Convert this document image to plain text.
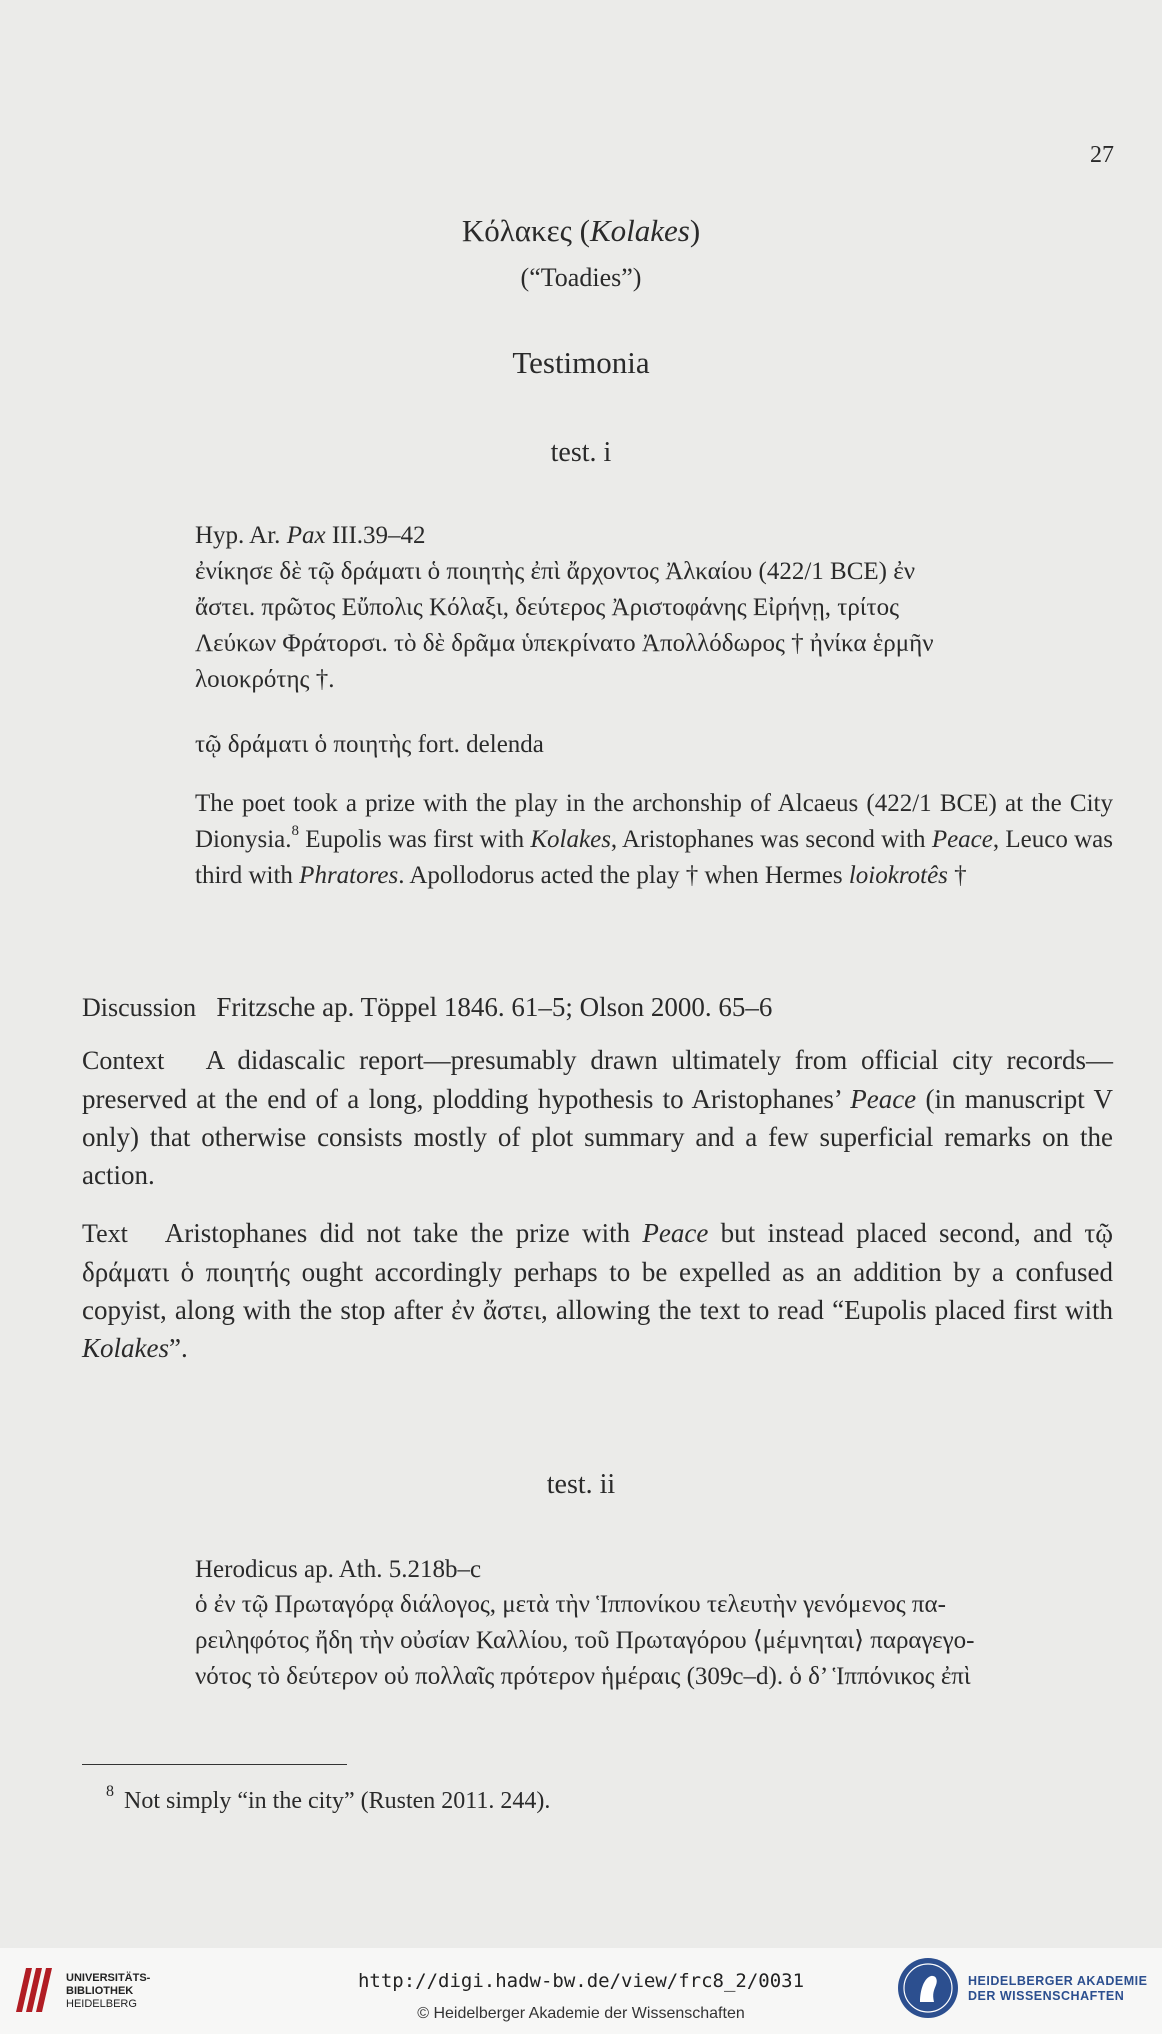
27
Κόλακες (Kolakes)
(“Toadies”)
Testimonia
test. i
Hyp. Ar. Pax III.39–42
ἐνίκησε δὲ τῷ δράματι ὁ ποιητὴς ἐπὶ ἄρχοντος Ἀλκαίου (422/1 BCE) ἐν
ἄστει. πρῶτος Εὔπολις Κόλαξι, δεύτερος Ἀριστοφάνης Εἰρήνῃ, τρίτος
Λεύκων Φράτορσι. τὸ δὲ δρᾶμα ὑπεκρίνατο Ἀπολλόδωρος † ἠνίκα ἑρμῆν
λοιοκρότης †.
τῷ δράματι ὁ ποιητὴς fort. delenda
The poet took a prize with the play in the archonship of Alcaeus (422/1 BCE) at the City Dionysia.$^8$ Eupolis was first with Kolakes, Aristophanes was second with Peace, Leuco was third with Phratores. Apollodorus acted the play † when Hermes loiokrotês †
Discussion Fritzsche ap. Töppel 1846. 61–5; Olson 2000. 65–6
Context A didascalic report—presumably drawn ultimately from official city records—preserved at the end of a long, plodding hypothesis to Aristophanes’ Peace (in manuscript V only) that otherwise consists mostly of plot summary and a few superficial remarks on the action.
Text Aristophanes did not take the prize with Peace but instead placed second, and τῷ δράματι ὁ ποιητής ought accordingly perhaps to be expelled as an addition by a confused copyist, along with the stop after ἐν ἄστει, allowing the text to read “Eupolis placed first with Kolakes”.
test. ii
Herodicus ap. Ath. 5.218b–c
ὁ ἐν τῷ Πρωταγόρᾳ διάλογος, μετὰ τὴν Ἱππονίκου τελευτὴν γενόμενος πα-
ρειληφότος ἤδη τὴν οὐσίαν Καλλίου, τοῦ Πρωταγόρου ⟨μέμνηται⟩ παραγεγο-
νότος τὸ δεύτερον οὐ πολλαῖς πρότερον ἡμέραις (309c–d). ὁ δ’ Ἱππόνικος ἐπὶ
$^8$ Not simply “in the city” (Rusten 2011. 244).
UNIVERSITÄTS-
BIBLIOTHEK
HEIDELBERG
http://digi.hadw-bw.de/view/frc8_2/0031
© Heidelberger Akademie der Wissenschaften
HEIDELBERGER AKADEMIE
DER WISSENSCHAFTEN
